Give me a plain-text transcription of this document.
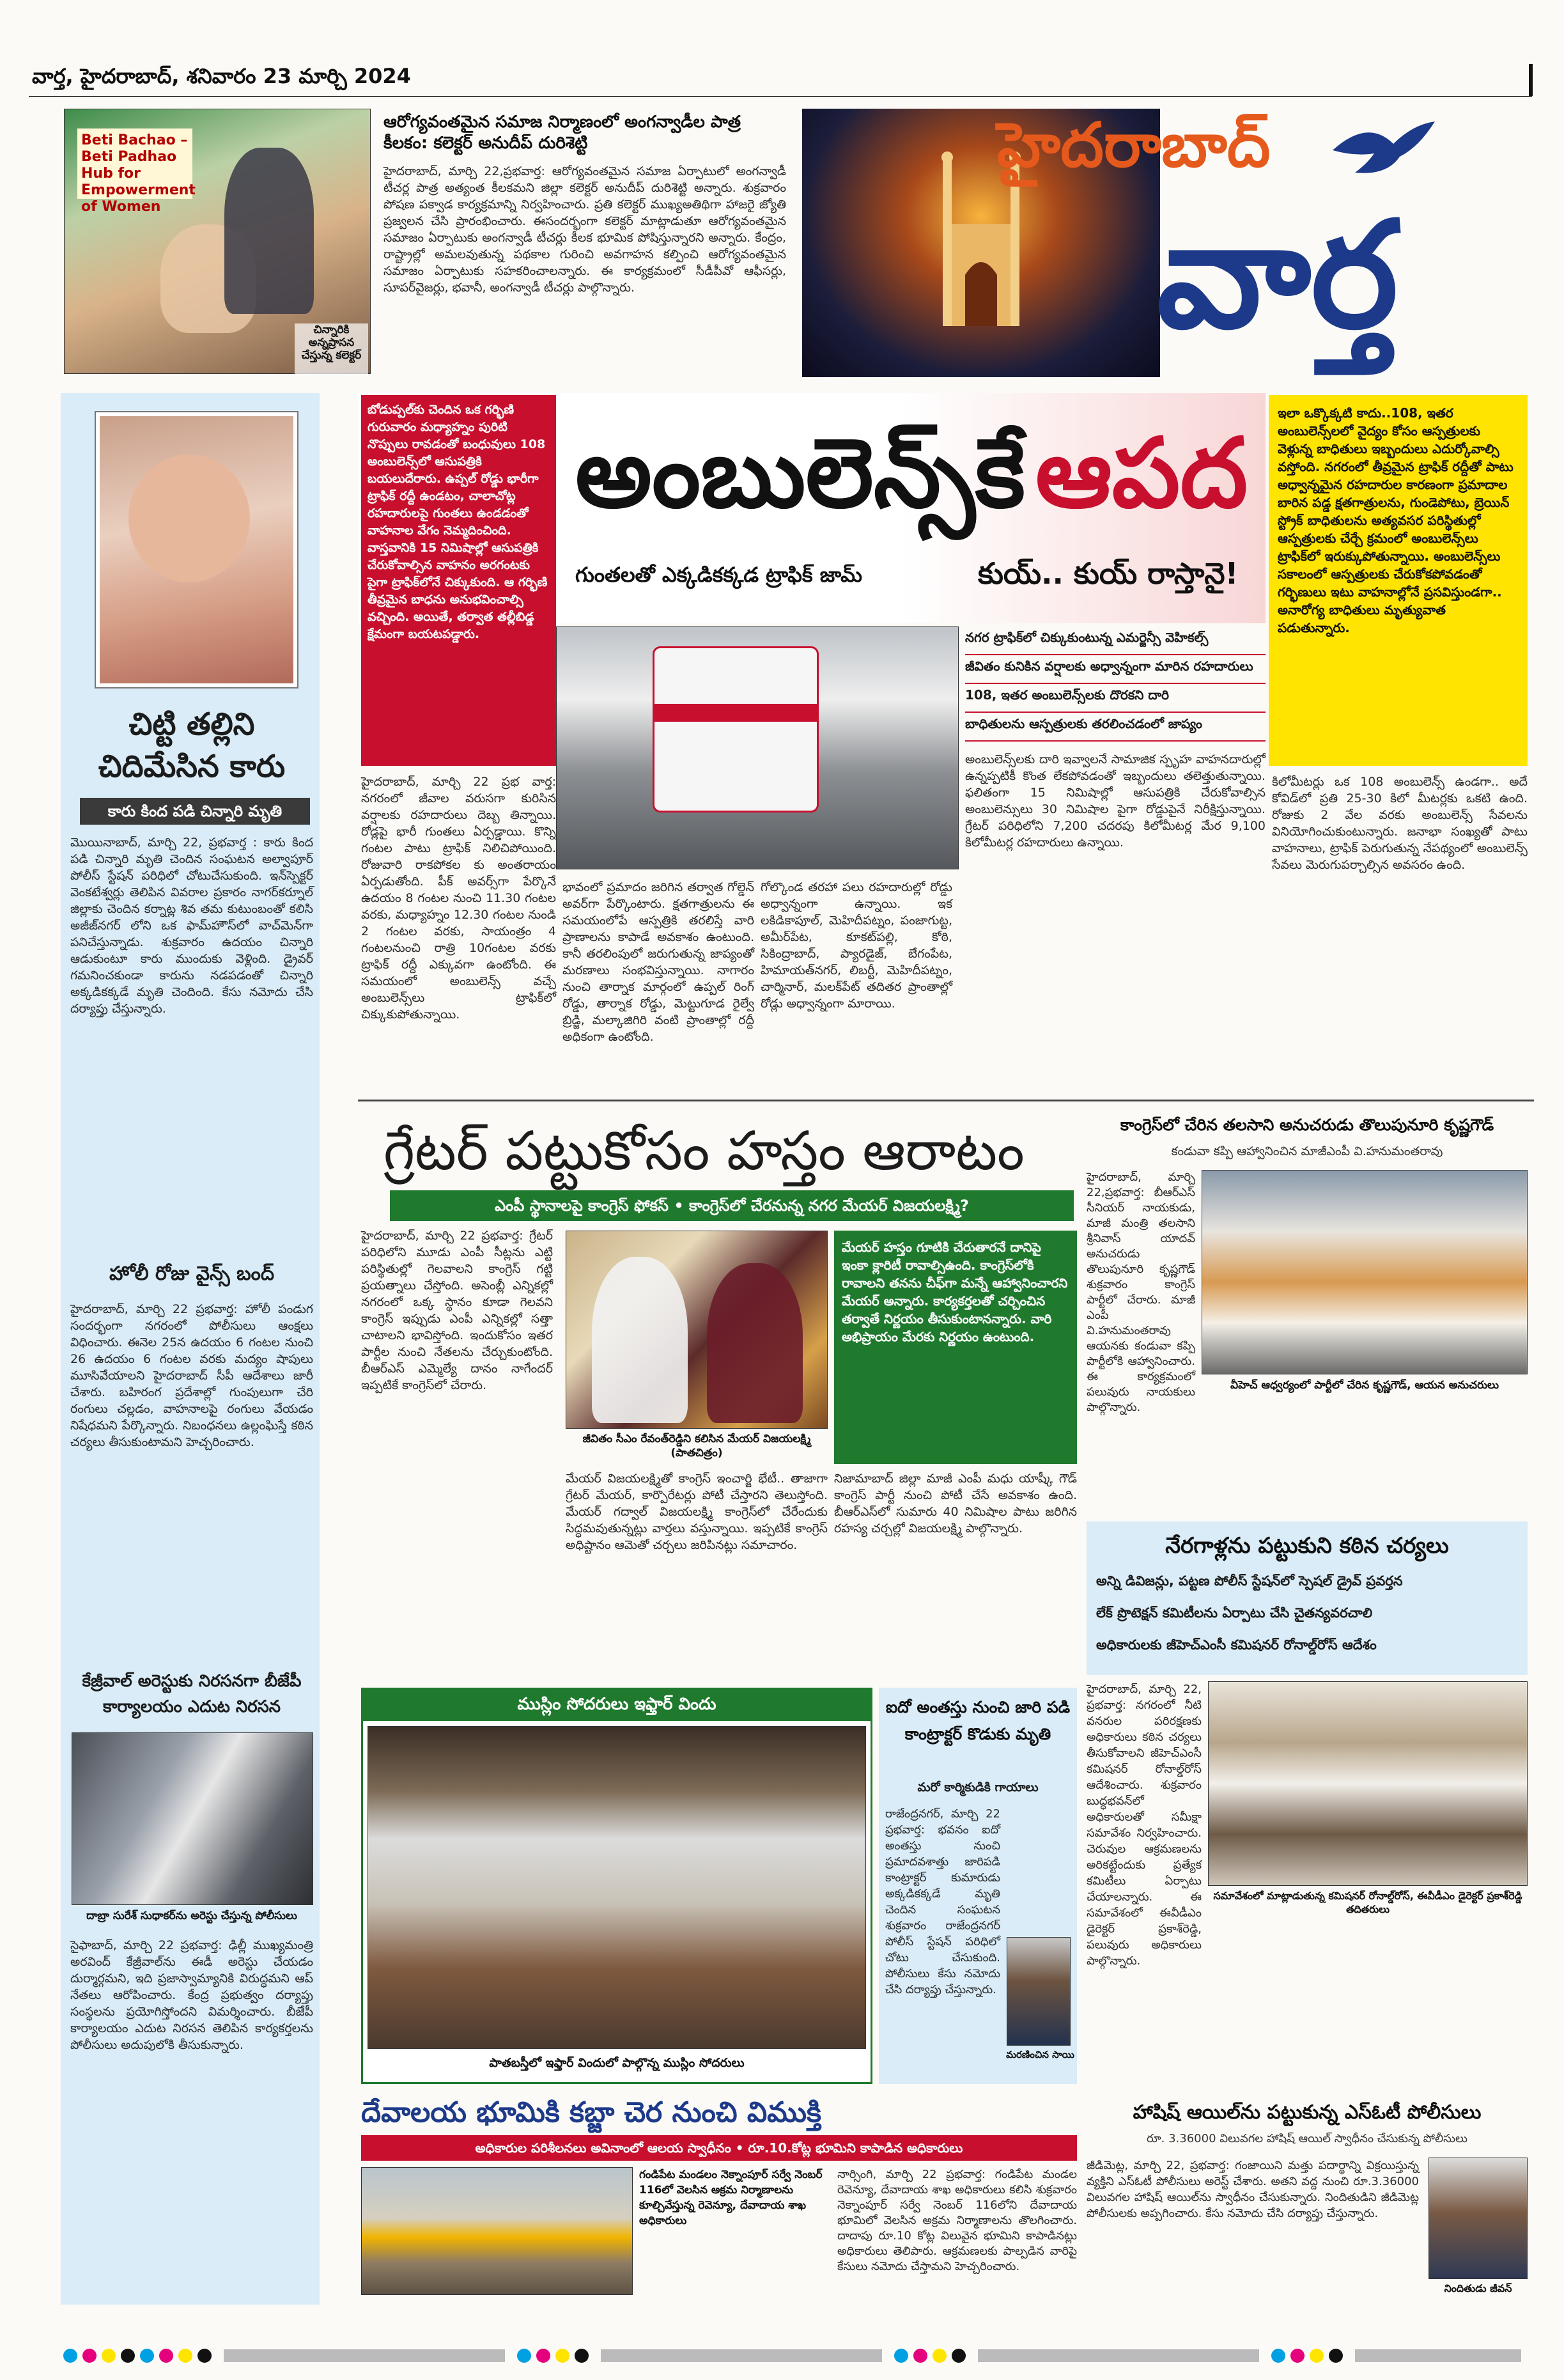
వార్త, హైదరాబాద్, శనివారం 23 మార్చి 2024
Beti Bachao – Beti Padhao Hub for Empowerment of Women
చిన్నారికి అన్నప్రాసన చేస్తున్న కలెక్టర్
ఆరోగ్యవంతమైన సమాజ నిర్మాణంలో అంగన్వాడీల పాత్ర కీలకం: కలెక్టర్ అనుదీప్ దురిశెట్టి
హైదరాబాద్, మార్చి 22,ప్రభవార్త: ఆరోగ్యవంతమైన సమాజ ఏర్పాటులో అంగన్వాడీ టీచర్ల పాత్ర అత్యంత కీలకమని జిల్లా కలెక్టర్ అనుదీప్ దురిశెట్టి అన్నారు. శుక్రవారం పోషణ పక్వాడ కార్యక్రమాన్ని నిర్వహించారు. ప్రతి కలెక్టర్ ముఖ్యఅతిథిగా హాజరై జ్యోతి ప్రజ్వలన చేసి ప్రారంభించారు. ఈసందర్భంగా కలెక్టర్ మాట్లాడుతూ ఆరోగ్యవంతమైన సమాజం ఏర్పాటుకు అంగన్వాడీ టీచర్లు కీలక భూమిక పోషిస్తున్నారని అన్నారు. కేంద్రం, రాష్ట్రాల్లో అమలవుతున్న పథకాల గురించి అవగాహన కల్పించి ఆరోగ్యవంతమైన సమాజం ఏర్పాటుకు సహకరించాలన్నారు. ఈ కార్యక్రమంలో సీడీపీవో ఆఫీసర్లు, సూపర్‌వైజర్లు, భవానీ, అంగన్వాడీ టీచర్లు పాల్గొన్నారు.
హైదరాబాద్
వార్త
చిట్టి తల్లిని చిదిమేసిన కారు
కారు కింద పడి చిన్నారి మృతి
మొయినాబాద్, మార్చి 22, ప్రభవార్త : కారు కింద పడి చిన్నారి మృతి చెందిన సంఘటన అల్వాపూర్ పోలీస్ స్టేషన్ పరిధిలో చోటుచేసుకుంది. ఇన్‌స్పెక్టర్ వెంకటేశ్వర్లు తెలిపిన వివరాల ప్రకారం నాగర్‌కర్నూల్ జిల్లాకు చెందిన కర్నాట్ల శివ తమ కుటుంబంతో కలిసి అజీజ్‌నగర్ లోని ఒక ఫామ్‌హౌస్‌లో వాచ్‌మెన్‌గా పనిచేస్తున్నాడు. శుక్రవారం ఉదయం చిన్నారి ఆడుకుంటూ కారు ముందుకు వెళ్లింది. డ్రైవర్ గమనించకుండా కారును నడపడంతో చిన్నారి అక్కడికక్కడే మృతి చెందింది. కేసు నమోదు చేసి దర్యాప్తు చేస్తున్నారు.
హోలీ రోజు వైన్స్ బంద్
హైదరాబాద్, మార్చి 22 ప్రభవార్త: హోలీ పండుగ సందర్భంగా నగరంలో పోలీసులు ఆంక్షలు విధించారు. ఈనెల 25న ఉదయం 6 గంటల నుంచి 26 ఉదయం 6 గంటల వరకు మద్యం షాపులు మూసివేయాలని హైదరాబాద్ సీపీ ఆదేశాలు జారీ చేశారు. బహిరంగ ప్రదేశాల్లో గుంపులుగా చేరి రంగులు చల్లడం, వాహనాలపై రంగులు వేయడం నిషేధమని పేర్కొన్నారు. నిబంధనలు ఉల్లంఘిస్తే కఠిన చర్యలు తీసుకుంటామని హెచ్చరించారు.
కేజ్రీవాల్ అరెస్టుకు నిరసనగా బీజేపీ కార్యాలయం ఎదుట నిరసన
దాబ్రా సురేశ్ సుధాకర్‌ను అరెస్టు చేస్తున్న పోలీసులు
సైఫాబాద్, మార్చి 22 ప్రభవార్త: ఢిల్లీ ముఖ్యమంత్రి అరవింద్ కేజ్రీవాల్‌ను ఈడీ అరెస్టు చేయడం దుర్మార్గమని, ఇది ప్రజాస్వామ్యానికి విరుద్ధమని ఆప్ నేతలు ఆరోపించారు. కేంద్ర ప్రభుత్వం దర్యాప్తు సంస్థలను ప్రయోగిస్తోందని విమర్శించారు. బీజేపీ కార్యాలయం ఎదుట నిరసన తెలిపిన కార్యకర్తలను పోలీసులు అదుపులోకి తీసుకున్నారు.
బోడుప్పల్‌కు చెందిన ఒక గర్భిణి గురువారం మధ్యాహ్నం పురిటి నొప్పులు రావడంతో బంధువులు 108 అంబులెన్స్‌లో ఆసుపత్రికి బయలుదేరారు. ఉప్పల్ రోడ్డు భారీగా ట్రాఫిక్ రద్దీ ఉండటం, చాలాచోట్ల రహదారులపై గుంతలు ఉండడంతో వాహనాల వేగం నెమ్మదించింది. వాస్తవానికి 15 నిమిషాల్లో ఆసుపత్రికి చేరుకోవాల్సిన వాహనం అరగంటకు పైగా ట్రాఫిక్‌లోనే చిక్కుకుంది. ఆ గర్భిణి తీవ్రమైన బాధను అనుభవించాల్సి వచ్చింది. అయితే, తర్వాత తల్లీబిడ్డ క్షేమంగా బయటపడ్డారు.
అంబులెన్స్‌కే ఆపద
గుంతలతో ఎక్కడికక్కడ ట్రాఫిక్ జామ్	కుయ్.. కుయ్ రాస్తానై!
ఇలా ఒక్కొక్కటి కాదు..108, ఇతర అంబులెన్స్‌లలో వైద్యం కోసం ఆస్పత్రులకు వెళ్లున్న బాధితులు ఇబ్బందులు ఎదుర్కోవాల్సి వస్తోంది. నగరంలో తీవ్రమైన ట్రాఫిక్ రద్దీతో పాటు అధ్వాన్నమైన రహదారుల కారణంగా ప్రమాదాల బారిన పడ్డ క్షతగాత్రులను, గుండెపోటు, బ్రెయిన్ స్ట్రోక్ బాధితులను అత్యవసర పరిస్థితుల్లో ఆస్పత్రులకు చేర్చే క్రమంలో అంబులెన్స్‌లు ట్రాఫిక్‌లో ఇరుక్కుపోతున్నాయి. అంబులెన్స్‌లు సకాలంలో ఆస్పత్రులకు చేరుకోకపోవడంతో గర్భిణులు ఇటు వాహనాల్లోనే ప్రసవిస్తుండగా.. అనారోగ్య బాధితులు మృత్యువాత పడుతున్నారు.
నగర ట్రాఫిక్‌లో చిక్కుకుంటున్న ఎమర్జెన్సీ వెహికల్స్
జీవితం కునికిన వర్షాలకు అధ్వాన్నంగా మారిన రహదారులు
108, ఇతర అంబులెన్స్‌లకు దొరకని దారి
బాధితులను ఆస్పత్రులకు తరలించడంలో జాప్యం
హైదరాబాద్, మార్చి 22 ప్రభ వార్త: నగరంలో జీవాల వరుసగా కురిసిన వర్షాలకు రహదారులు దెబ్బ తిన్నాయి. రోడ్లపై భారీ గుంతలు ఏర్పడ్డాయి. కొన్ని గంటల పాటు ట్రాఫిక్ నిలిచిపోయింది. రోజువారి రాకపోకల కు అంతరాయం ఏర్పడుతోంది. పీక్ అవర్స్‌గా పేర్కొనే ఉదయం 8 గంటల నుంచి 11.30 గంటల వరకు, మధ్యాహ్నం 12.30 గంటల నుండి 2 గంటల వరకు, సాయంత్రం 4 గంటలనుంచి రాత్రి 10గంటల వరకు ట్రాఫిక్ రద్దీ ఎక్కువగా ఉంటోంది. ఈ సమయంలో అంబులెన్స్ వచ్చే అంబులెన్స్‌లు ట్రాఫిక్‌లో చిక్కుకుపోతున్నాయి.
భావంలో ప్రమాదం జరిగిన తర్వాత గోల్డెన్ అవర్‌గా పేర్కొంటారు. క్షతగాత్రులను ఈ సమయంలోపే ఆస్పత్రికి తరలిస్తే వారి ప్రాణాలను కాపాడే అవకాశం ఉంటుంది. కానీ తరలింపులో జరుగుతున్న జాప్యంతో మరణాలు సంభవిస్తున్నాయి. నాగారం నుంచి తార్నాక మార్గంలో ఉప్పల్ రింగ్ రోడ్డు, తార్నాక రోడ్డు, మెట్టుగూడ రైల్వే బ్రిడ్జి, మల్కాజిగిరి వంటి ప్రాంతాల్లో రద్దీ అధికంగా ఉంటోంది.
గోల్కొండ తరహా పలు రహదారుల్లో రోడ్డు అధ్వాన్నంగా ఉన్నాయి. ఇక లకిడికాపూల్, మెహిదీపట్నం, పంజాగుట్ట, అమీర్‌పేట, కూకట్‌పల్లి, కోఠి, సికింద్రాబాద్, ప్యారడైజ్, బేగంపేట, హిమాయత్‌నగర్, లిబర్టీ, మెహిదీపట్నం, చార్మినార్, మలక్‌పేట్ తదితర ప్రాంతాల్లో రోడ్లు అధ్వాన్నంగా మారాయి.
అంబులెన్స్‌లకు దారి ఇవ్వాలనే సామాజిక స్పృహ వాహనదారుల్లో ఉన్నప్పటికీ కొంత లేకపోవడంతో ఇబ్బందులు తలెత్తుతున్నాయి. ఫలితంగా 15 నిమిషాల్లో ఆసుపత్రికి చేరుకోవాల్సిన అంబులెన్సులు 30 నిమిషాల పైగా రోడ్డుపైనే నిరీక్షిస్తున్నాయి. గ్రేటర్ పరిధిలోని 7,200 చదరపు కిలోమీటర్ల మేర 9,100 కిలోమీటర్ల రహదారులు ఉన్నాయి.
కిలోమీటర్లు ఒక 108 అంబులెన్స్ ఉండగా.. అదే కోవిడ్‌లో ప్రతి 25-30 కిలో మీటర్లకు ఒకటి ఉంది. రోజుకు 2 వేల వరకు అంబులెన్స్ సేవలను వినియోగించుకుంటున్నారు. జనాభా సంఖ్యతో పాటు వాహనాలు, ట్రాఫిక్ పెరుగుతున్న నేపథ్యంలో అంబులెన్స్ సేవలు మెరుగుపర్చాల్సిన అవసరం ఉంది.
గ్రేటర్ పట్టుకోసం హస్తం ఆరాటం
ఎంపీ స్థానాలపై కాంగ్రెస్ ఫోకస్ • కాంగ్రెస్‌లో చేరనున్న నగర మేయర్ విజయలక్ష్మి?
హైదరాబాద్, మార్చి 22 ప్రభవార్త: గ్రేటర్ పరిధిలోని మూడు ఎంపీ సీట్లను ఎట్టి పరిస్థితుల్లో గెలవాలని కాంగ్రెస్ గట్టి ప్రయత్నాలు చేస్తోంది. అసెంబ్లీ ఎన్నికల్లో నగరంలో ఒక్క స్థానం కూడా గెలవని కాంగ్రెస్ ఇప్పుడు ఎంపీ ఎన్నికల్లో సత్తా చాటాలని భావిస్తోంది. ఇందుకోసం ఇతర పార్టీల నుంచి నేతలను చేర్చుకుంటోంది. బీఆర్ఎస్ ఎమ్మెల్యే దానం నాగేందర్ ఇప్పటికే కాంగ్రెస్‌లో చేరారు.
జీవితం సీఎం రేవంత్‌రెడ్డిని కలిసిన మేయర్ విజయలక్ష్మి (పాతచిత్రం)
మేయర్ హస్తం గూటికి చేరుతారనే దానిపై ఇంకా క్లారిటీ రావాల్సిఉంది. కాంగ్రెస్‌లోకి రావాలని తనను చీఫ్‌గా మన్నే ఆహ్వానించారని మేయర్ అన్నారు. కార్యకర్తలతో చర్చించిన తర్వాతే నిర్ణయం తీసుకుంటానన్నారు. వారి అభిప్రాయం మేరకు నిర్ణయం ఉంటుంది.
మేయర్ విజయలక్ష్మితో కాంగ్రెస్ ఇంచార్జి భేటీ.. తాజాగా గ్రేటర్ మేయర్, కార్పొరేటర్లు పోటీ చేస్తారని తెలుస్తోంది. మేయర్ గద్వాల్ విజయలక్ష్మి కాంగ్రెస్‌లో చేరేందుకు సిద్ధమవుతున్నట్లు వార్తలు వస్తున్నాయి. ఇప్పటికే కాంగ్రెస్ అధిష్టానం ఆమెతో చర్చలు జరిపినట్లు సమాచారం.
నిజామాబాద్ జిల్లా మాజీ ఎంపీ మధు యాష్కీ గౌడ్ కాంగ్రెస్ పార్టీ నుంచి పోటీ చేసే అవకాశం ఉంది. బీఆర్ఎస్‌లో సుమారు 40 నిమిషాల పాటు జరిగిన రహస్య చర్చల్లో విజయలక్ష్మి పాల్గొన్నారు.
ముస్లిం సోదరులు ఇఫ్తార్ విందు
పాతబస్తీలో ఇఫ్తార్ విందులో పాల్గొన్న ముస్లిం సోదరులు
ఐదో అంతస్తు నుంచి జారి పడి కాంట్రాక్టర్ కొడుకు మృతి
మరో కార్మికుడికి గాయాలు
రాజేంద్రనగర్, మార్చి 22 ప్రభవార్త: భవనం ఐదో అంతస్తు నుంచి ప్రమాదవశాత్తు జారిపడి కాంట్రాక్టర్ కుమారుడు అక్కడికక్కడే మృతి చెందిన సంఘటన శుక్రవారం రాజేంద్రనగర్ పోలీస్ స్టేషన్ పరిధిలో చోటు చేసుకుంది. పోలీసులు కేసు నమోదు చేసి దర్యాప్తు చేస్తున్నారు.
మరణించిన సాయి
కాంగ్రెస్‌లో చేరిన తలసాని అనుచరుడు తొలుపునూరి కృష్ణగౌడ్
కండువా కప్పి ఆహ్వానించిన మాజీఎంపీ వి.హనుమంతరావు
హైదరాబాద్, మార్చి 22,ప్రభవార్త: బీఆర్ఎస్ సీనియర్ నాయకుడు, మాజీ మంత్రి తలసాని శ్రీనివాస్ యాదవ్ అనుచరుడు తొలుపునూరి కృష్ణగౌడ్ శుక్రవారం కాంగ్రెస్ పార్టీలో చేరారు. మాజీ ఎంపీ వి.హనుమంతరావు ఆయనకు కండువా కప్పి పార్టీలోకి ఆహ్వానించారు. ఈ కార్యక్రమంలో పలువురు నాయకులు పాల్గొన్నారు.
వీహెచ్ ఆధ్వర్యంలో పార్టీలో చేరిన కృష్ణగౌడ్, ఆయన అనుచరులు
నేరగాళ్లను పట్టుకుని కఠిన చర్యలు
అన్ని డివిజన్లు, పట్టణ పోలీస్ స్టేషన్‌లో స్పెషల్ డ్రైవ్ ప్రవర్తన
లేక్ ప్రొటెక్షన్ కమిటీలను ఏర్పాటు చేసి చైతన్యవరచాలి
అధికారులకు జీహెచ్ఎంసీ కమిషనర్ రోనాల్డ్‌రోస్ ఆదేశం
హైదరాబాద్, మార్చి 22, ప్రభవార్త: నగరంలో నీటి వనరుల పరిరక్షణకు అధికారులు కఠిన చర్యలు తీసుకోవాలని జీహెచ్ఎంసీ కమిషనర్ రోనాల్డ్‌రోస్ ఆదేశించారు. శుక్రవారం బుద్ధభవన్‌లో అధికారులతో సమీక్షా సమావేశం నిర్వహించారు. చెరువుల ఆక్రమణలను అరికట్టేందుకు ప్రత్యేక కమిటీలు ఏర్పాటు చేయాలన్నారు. ఈ సమావేశంలో ఈవీడీఎం డైరెక్టర్ ప్రకాశ్‌రెడ్డి, పలువురు అధికారులు పాల్గొన్నారు.
సమావేశంలో మాట్లాడుతున్న కమిషనర్ రోనాల్డ్‌రోస్, ఈవీడీఎం డైరెక్టర్ ప్రకాశ్‌రెడ్డి తదితరులు
దేవాలయ భూమికి కబ్జా చెర నుంచి విముక్తి
అధికారుల పరిశీలనలు అవినాంలో ఆలయ స్వాధీనం • రూ.10.కోట్ల భూమిని కాపాడిన అధికారులు
గండిపేట మండలం నెక్నాంపూర్ సర్వే నెంబర్ 116లో వెలసిన అక్రమ నిర్మాణాలను కూల్చివేస్తున్న రెవెన్యూ, దేవాదాయ శాఖ అధికారులు
నార్సింగి, మార్చి 22 ప్రభవార్త: గండిపేట మండల రెవెన్యూ, దేవాదాయ శాఖ అధికారులు కలిసి శుక్రవారం నెక్నాంపూర్ సర్వే నెంబర్ 116లోని దేవాదాయ భూమిలో వెలసిన అక్రమ నిర్మాణాలను తొలగించారు. దాదాపు రూ.10 కోట్ల విలువైన భూమిని కాపాడినట్లు అధికారులు తెలిపారు. ఆక్రమణలకు పాల్పడిన వారిపై కేసులు నమోదు చేస్తామని హెచ్చరించారు.
హాషిష్ ఆయిల్‌ను పట్టుకున్న ఎస్ఓటీ పోలీసులు
రూ. 3.36000 విలువగల హాషిష్ ఆయిల్ స్వాధీనం చేసుకున్న పోలీసులు
జీడిమెట్ల, మార్చి 22, ప్రభవార్త: గంజాయిని మత్తు పదార్థాన్ని విక్రయిస్తున్న వ్యక్తిని ఎస్ఓటీ పోలీసులు అరెస్ట్ చేశారు. అతని వద్ద నుంచి రూ.3.36000 విలువగల హాషిష్ ఆయిల్‌ను స్వాధీనం చేసుకున్నారు. నిందితుడిని జీడిమెట్ల పోలీసులకు అప్పగించారు. కేసు నమోదు చేసి దర్యాప్తు చేస్తున్నారు.
నిందితుడు జీవన్
